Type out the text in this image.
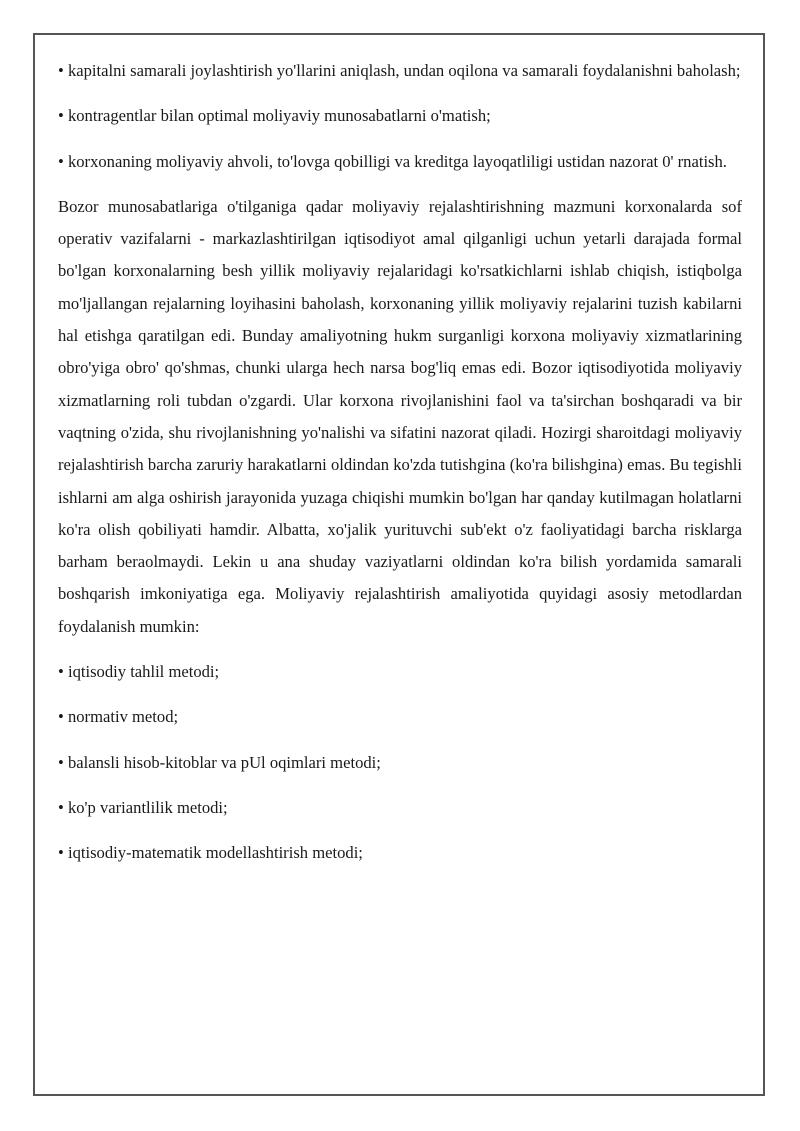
• kapitalni samarali joylashtirish yo'llarini aniqlash, undan oqilona va samarali foydalanishni baholash;

• kontragentlar bilan optimal moliyaviy munosabatlarni o'matish;

• korxonaning moliyaviy ahvoli, to'lovga qobilligi va kreditga layoqatliligi ustidan nazorat 0' rnatish.

Bozor munosabatlariga o'tilganiga qadar moliyaviy rejalashtirishning mazmuni korxonalarda sof operativ vazifalarni - markazlashtirilgan iqtisodiyot amal qilganligi uchun yetarli darajada formal bo'lgan korxonalarning besh yillik moliyaviy rejalaridagi ko'rsatkichlarni ishlab chiqish, istiqbolga mo'ljallangan rejalarning loyihasini baholash, korxonaning yillik moliyaviy rejalarini tuzish kabilarni hal etishga qaratilgan edi. Bunday amaliyotning hukm surganligi korxona moliyaviy xizmatlarining obro'yiga obro' qo'shmas, chunki ularga hech narsa bog'liq emas edi. Bozor iqtisodiyotida moliyaviy xizmatlarning roli tubdan o'zgardi. Ular korxona rivojlanishini faol va ta'sirchan boshqaradi va bir vaqtning o'zida, shu rivojlanishning yo'nalishi va sifatini nazorat qiladi. Hozirgi sharoitdagi moliyaviy rejalashtirish barcha zaruriy harakatlarni oldindan ko'zda tutishgina (ko'ra bilishgina) emas. Bu tegishli ishlarni am alga oshirish jarayonida yuzaga chiqishi mumkin bo'lgan har qanday kutilmagan holatlarni ko'ra olish qobiliyati hamdir. Albatta, xo'jalik yurituvchi sub'ekt o'z faoliyatidagi barcha risklarga barham beraolmaydi. Lekin u ana shuday vaziyatlarni oldindan ko'ra bilish yordamida samarali boshqarish imkoniyatiga ega. Moliyaviy rejalashtirish amaliyotida quyidagi asosiy metodlardan foydalanish mumkin:

• iqtisodiy tahlil metodi;

• normativ metod;

• balansli hisob-kitoblar va pUl oqimlari metodi;

• ko'p variantlilik metodi;

• iqtisodiy-matematik modellashtirish metodi;
